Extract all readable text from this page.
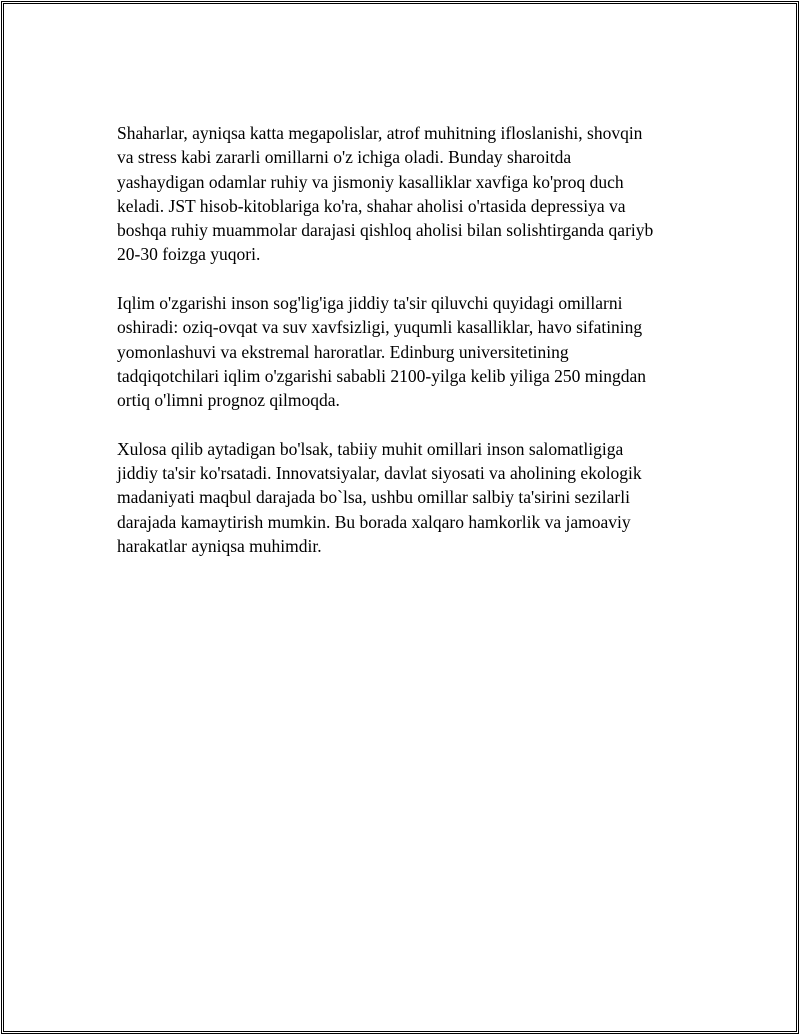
Shaharlar, ayniqsa katta megapolislar, atrof muhitning ifloslanishi, shovqin
va stress kabi zararli omillarni o'z ichiga oladi. Bunday sharoitda
yashaydigan odamlar ruhiy va jismoniy kasalliklar xavfiga ko'proq duch
keladi. JST hisob-kitoblariga ko'ra, shahar aholisi o'rtasida depressiya va
boshqa ruhiy muammolar darajasi qishloq aholisi bilan solishtirganda qariyb
20-30 foizga yuqori.

Iqlim o'zgarishi inson sog'lig'iga jiddiy ta'sir qiluvchi quyidagi omillarni
oshiradi: oziq-ovqat va suv xavfsizligi, yuqumli kasalliklar, havo sifatining
yomonlashuvi va ekstremal haroratlar. Edinburg universitetining
tadqiqotchilari iqlim o'zgarishi sababli 2100-yilga kelib yiliga 250 mingdan
ortiq o'limni prognoz qilmoqda.

Xulosa qilib aytadigan bo'lsak, tabiiy muhit omillari inson salomatligiga
jiddiy ta'sir ko'rsatadi. Innovatsiyalar, davlat siyosati va aholining ekologik
madaniyati maqbul darajada bo`lsa, ushbu omillar salbiy ta'sirini sezilarli
darajada kamaytirish mumkin. Bu borada xalqaro hamkorlik va jamoaviy
harakatlar ayniqsa muhimdir.
